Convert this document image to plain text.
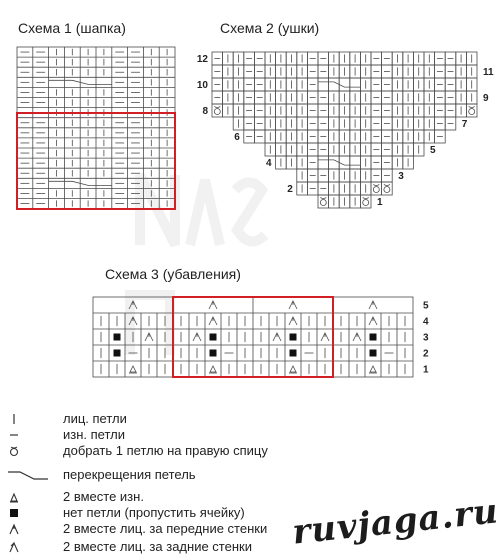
Схема 1 (шапка)	Схема 2 (ушки)
Схема 3 (убавления)
12
10
8
6
4
2
11
9
7
5
3
1
5
4
3
2
1
лиц. петли
изн. петли
добрать 1 петлю на правую спицу
перекрещения петель
2 вместе изн.
нет петли (пропустить ячейку)
2 вместе лиц. за передние стенки
2 вместе лиц. за задние стенки ruvjaga.ru
